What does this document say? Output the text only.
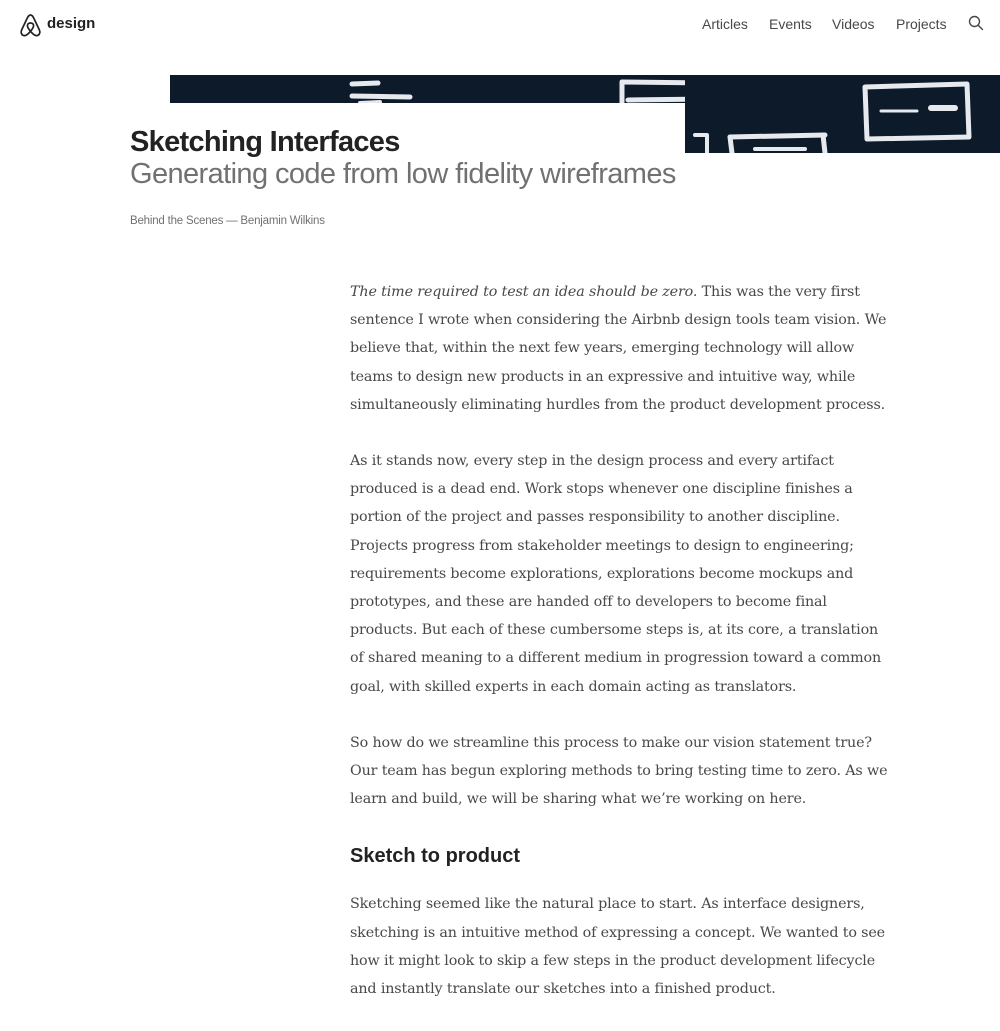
design	Articles Events Videos Projects
Sketching Interfaces
Generating code from low fidelity wireframes
Behind the Scenes — Benjamin Wilkins

The time required to test an idea should be zero. This was the very first sentence I wrote when considering the Airbnb design tools team vision. We believe that, within the next few years, emerging technology will allow teams to design new products in an expressive and intuitive way, while simultaneously eliminating hurdles from the product development process.

As it stands now, every step in the design process and every artifact produced is a dead end. Work stops whenever one discipline finishes a portion of the project and passes responsibility to another discipline. Projects progress from stakeholder meetings to design to engineering; requirements become explorations, explorations become mockups and prototypes, and these are handed off to developers to become final products. But each of these cumbersome steps is, at its core, a translation of shared meaning to a different medium in progression toward a common goal, with skilled experts in each domain acting as translators.

So how do we streamline this process to make our vision statement true? Our team has begun exploring methods to bring testing time to zero. As we learn and build, we will be sharing what we’re working on here.

Sketch to product

Sketching seemed like the natural place to start. As interface designers, sketching is an intuitive method of expressing a concept. We wanted to see how it might look to skip a few steps in the product development lifecycle and instantly translate our sketches into a finished product.
